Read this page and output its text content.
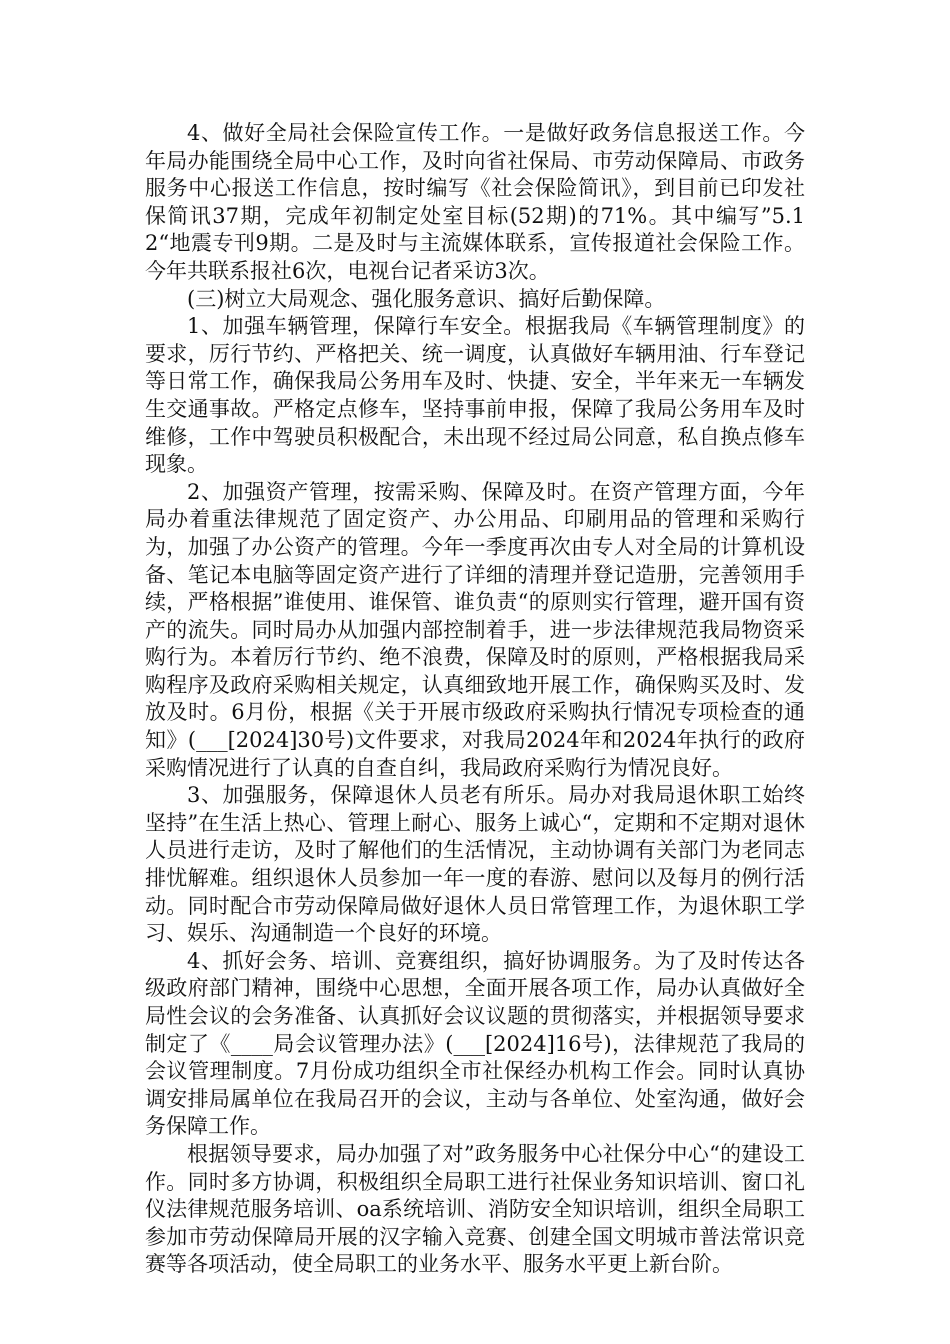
4、做好全局社会保险宣传工作。一是做好政务信息报送工作。今年局办能围绕全局中心工作，及时向省社保局、市劳动保障局、市政务服务中心报送工作信息，按时编写《社会保险简讯》，到目前已印发社保简讯37期，完成年初制定处室目标(52期)的71%。其中编写”5.12“地震专刊9期。二是及时与主流媒体联系，宣传报道社会保险工作。今年共联系报社6次，电视台记者采访3次。

(三)树立大局观念、强化服务意识、搞好后勤保障。

1、加强车辆管理，保障行车安全。根据我局《车辆管理制度》的要求，厉行节约、严格把关、统一调度，认真做好车辆用油、行车登记等日常工作，确保我局公务用车及时、快捷、安全，半年来无一车辆发生交通事故。严格定点修车，坚持事前申报，保障了我局公务用车及时维修，工作中驾驶员积极配合，未出现不经过局公同意，私自换点修车现象。

2、加强资产管理，按需采购、保障及时。在资产管理方面，今年局办着重法律规范了固定资产、办公用品、印刷用品的管理和采购行为，加强了办公资产的管理。今年一季度再次由专人对全局的计算机设备、笔记本电脑等固定资产进行了详细的清理并登记造册，完善领用手续，严格根据”谁使用、谁保管、谁负责“的原则实行管理，避开国有资产的流失。同时局办从加强内部控制着手，进一步法律规范我局物资采购行为。本着厉行节约、绝不浪费，保障及时的原则，严格根据我局采购程序及政府采购相关规定，认真细致地开展工作，确保购买及时、发放及时。6月份，根据《关于开展市级政府采购执行情况专项检查的通知》(___[2024]30号)文件要求，对我局2024年和2024年执行的政府采购情况进行了认真的自查自纠，我局政府采购行为情况良好。

3、加强服务，保障退休人员老有所乐。局办对我局退休职工始终坚持”在生活上热心、管理上耐心、服务上诚心“，定期和不定期对退休人员进行走访，及时了解他们的生活情况，主动协调有关部门为老同志排忧解难。组织退休人员参加一年一度的春游、慰问以及每月的例行活动。同时配合市劳动保障局做好退休人员日常管理工作，为退休职工学习、娱乐、沟通制造一个良好的环境。

4、抓好会务、培训、竞赛组织，搞好协调服务。为了及时传达各级政府部门精神，围绕中心思想，全面开展各项工作，局办认真做好全局性会议的会务准备、认真抓好会议议题的贯彻落实，并根据领导要求制定了《____局会议管理办法》(___[2024]16号)，法律规范了我局的会议管理制度。7月份成功组织全市社保经办机构工作会。同时认真协调安排局属单位在我局召开的会议，主动与各单位、处室沟通，做好会务保障工作。

根据领导要求，局办加强了对”政务服务中心社保分中心“的建设工作。同时多方协调，积极组织全局职工进行社保业务知识培训、窗口礼仪法律规范服务培训、oa系统培训、消防安全知识培训，组织全局职工参加市劳动保障局开展的汉字输入竞赛、创建全国文明城市普法常识竞赛等各项活动，使全局职工的业务水平、服务水平更上新台阶。
